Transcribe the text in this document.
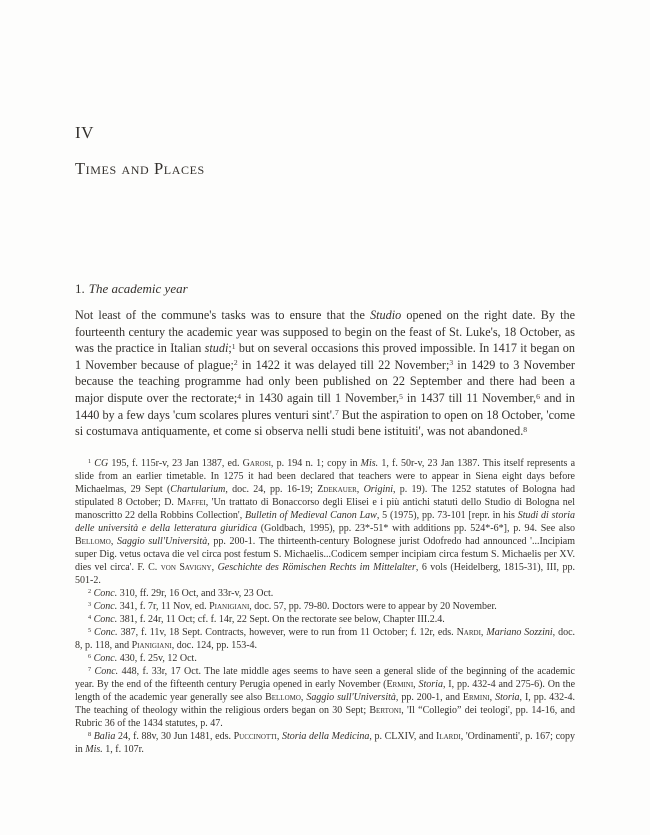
IV
Times and Places
1. The academic year

Not least of the commune's tasks was to ensure that the Studio opened on the right date. By the fourteenth century the academic year was supposed to begin on the feast of St. Luke's, 18 October, as was the practice in Italian studi;$^1$ but on several occasions this proved impossible. In 1417 it began on 1 November because of plague;$^2$ in 1422 it was delayed till 22 November;$^3$ in 1429 to 3 November because the teaching programme had only been published on 22 September and there had been a major dispute over the rectorate;$^4$ in 1430 again till 1 November,$^5$ in 1437 till 11 November,$^6$ and in 1440 by a few days 'cum scolares plures venturi sint'.$^7$ But the aspiration to open on 18 October, 'come si costumava antiquamente, et come si observa nelli studi bene istituiti', was not abandoned.$^8$

$^1$ CG 195, f. 115r-v, 23 Jan 1387, ed. Garosi, p. 194 n. 1; copy in Mis. 1, f. 50r-v, 23 Jan 1387. This itself represents a slide from an earlier timetable. In 1275 it had been declared that teachers were to appear in Siena eight days before Michaelmas, 29 Sept (Chartularium, doc. 24, pp. 16-19; Zdekauer, Origini, p. 19). The 1252 statutes of Bologna had stipulated 8 October; D. Maffei, 'Un trattato di Bonaccorso degli Elisei e i più antichi statuti dello Studio di Bologna nel manoscritto 22 della Robbins Collection', Bulletin of Medieval Canon Law, 5 (1975), pp. 73-101 [repr. in his Studi di storia delle università e della letteratura giuridica (Goldbach, 1995), pp. 23*-51* with additions pp. 524*-6*], p. 94. See also Bellomo, Saggio sull'Università, pp. 200-1. The thirteenth-century Bolognese jurist Odofredo had announced '...Incipiam super Dig. vetus octava die vel circa post festum S. Michaelis...Codicem semper incipiam circa festum S. Michaelis per XV. dies vel circa'. F. C. von Savigny, Geschichte des Römischen Rechts im Mittelalter, 6 vols (Heidelberg, 1815-31), III, pp. 501-2.

$^2$ Conc. 310, ff. 29r, 16 Oct, and 33r-v, 23 Oct.

$^3$ Conc. 341, f. 7r, 11 Nov, ed. Pianigiani, doc. 57, pp. 79-80. Doctors were to appear by 20 November.

$^4$ Conc. 381, f. 24r, 11 Oct; cf. f. 14r, 22 Sept. On the rectorate see below, Chapter III.2.4.

$^5$ Conc. 387, f. 11v, 18 Sept. Contracts, however, were to run from 11 October; f. 12r, eds. Nardi, Mariano Sozzini, doc. 8, p. 118, and Pianigiani, doc. 124, pp. 153-4.

$^6$ Conc. 430, f. 25v, 12 Oct.

$^7$ Conc. 448, f. 33r, 17 Oct. The late middle ages seems to have seen a general slide of the beginning of the academic year. By the end of the fifteenth century Perugia opened in early November (Ermini, Storia, I, pp. 432-4 and 275-6). On the length of the academic year generally see also Bellomo, Saggio sull'Università, pp. 200-1, and Ermini, Storia, I, pp. 432-4. The teaching of theology within the religious orders began on 30 Sept; Bertoni, 'Il “Collegio” dei teologi', pp. 14-16, and Rubric 36 of the 1434 statutes, p. 47.

$^8$ Balìa 24, f. 88v, 30 Jun 1481, eds. Puccinotti, Storia della Medicina, p. CLXIV, and Ilardi, 'Ordinamenti', p. 167; copy in Mis. 1, f. 107r.
